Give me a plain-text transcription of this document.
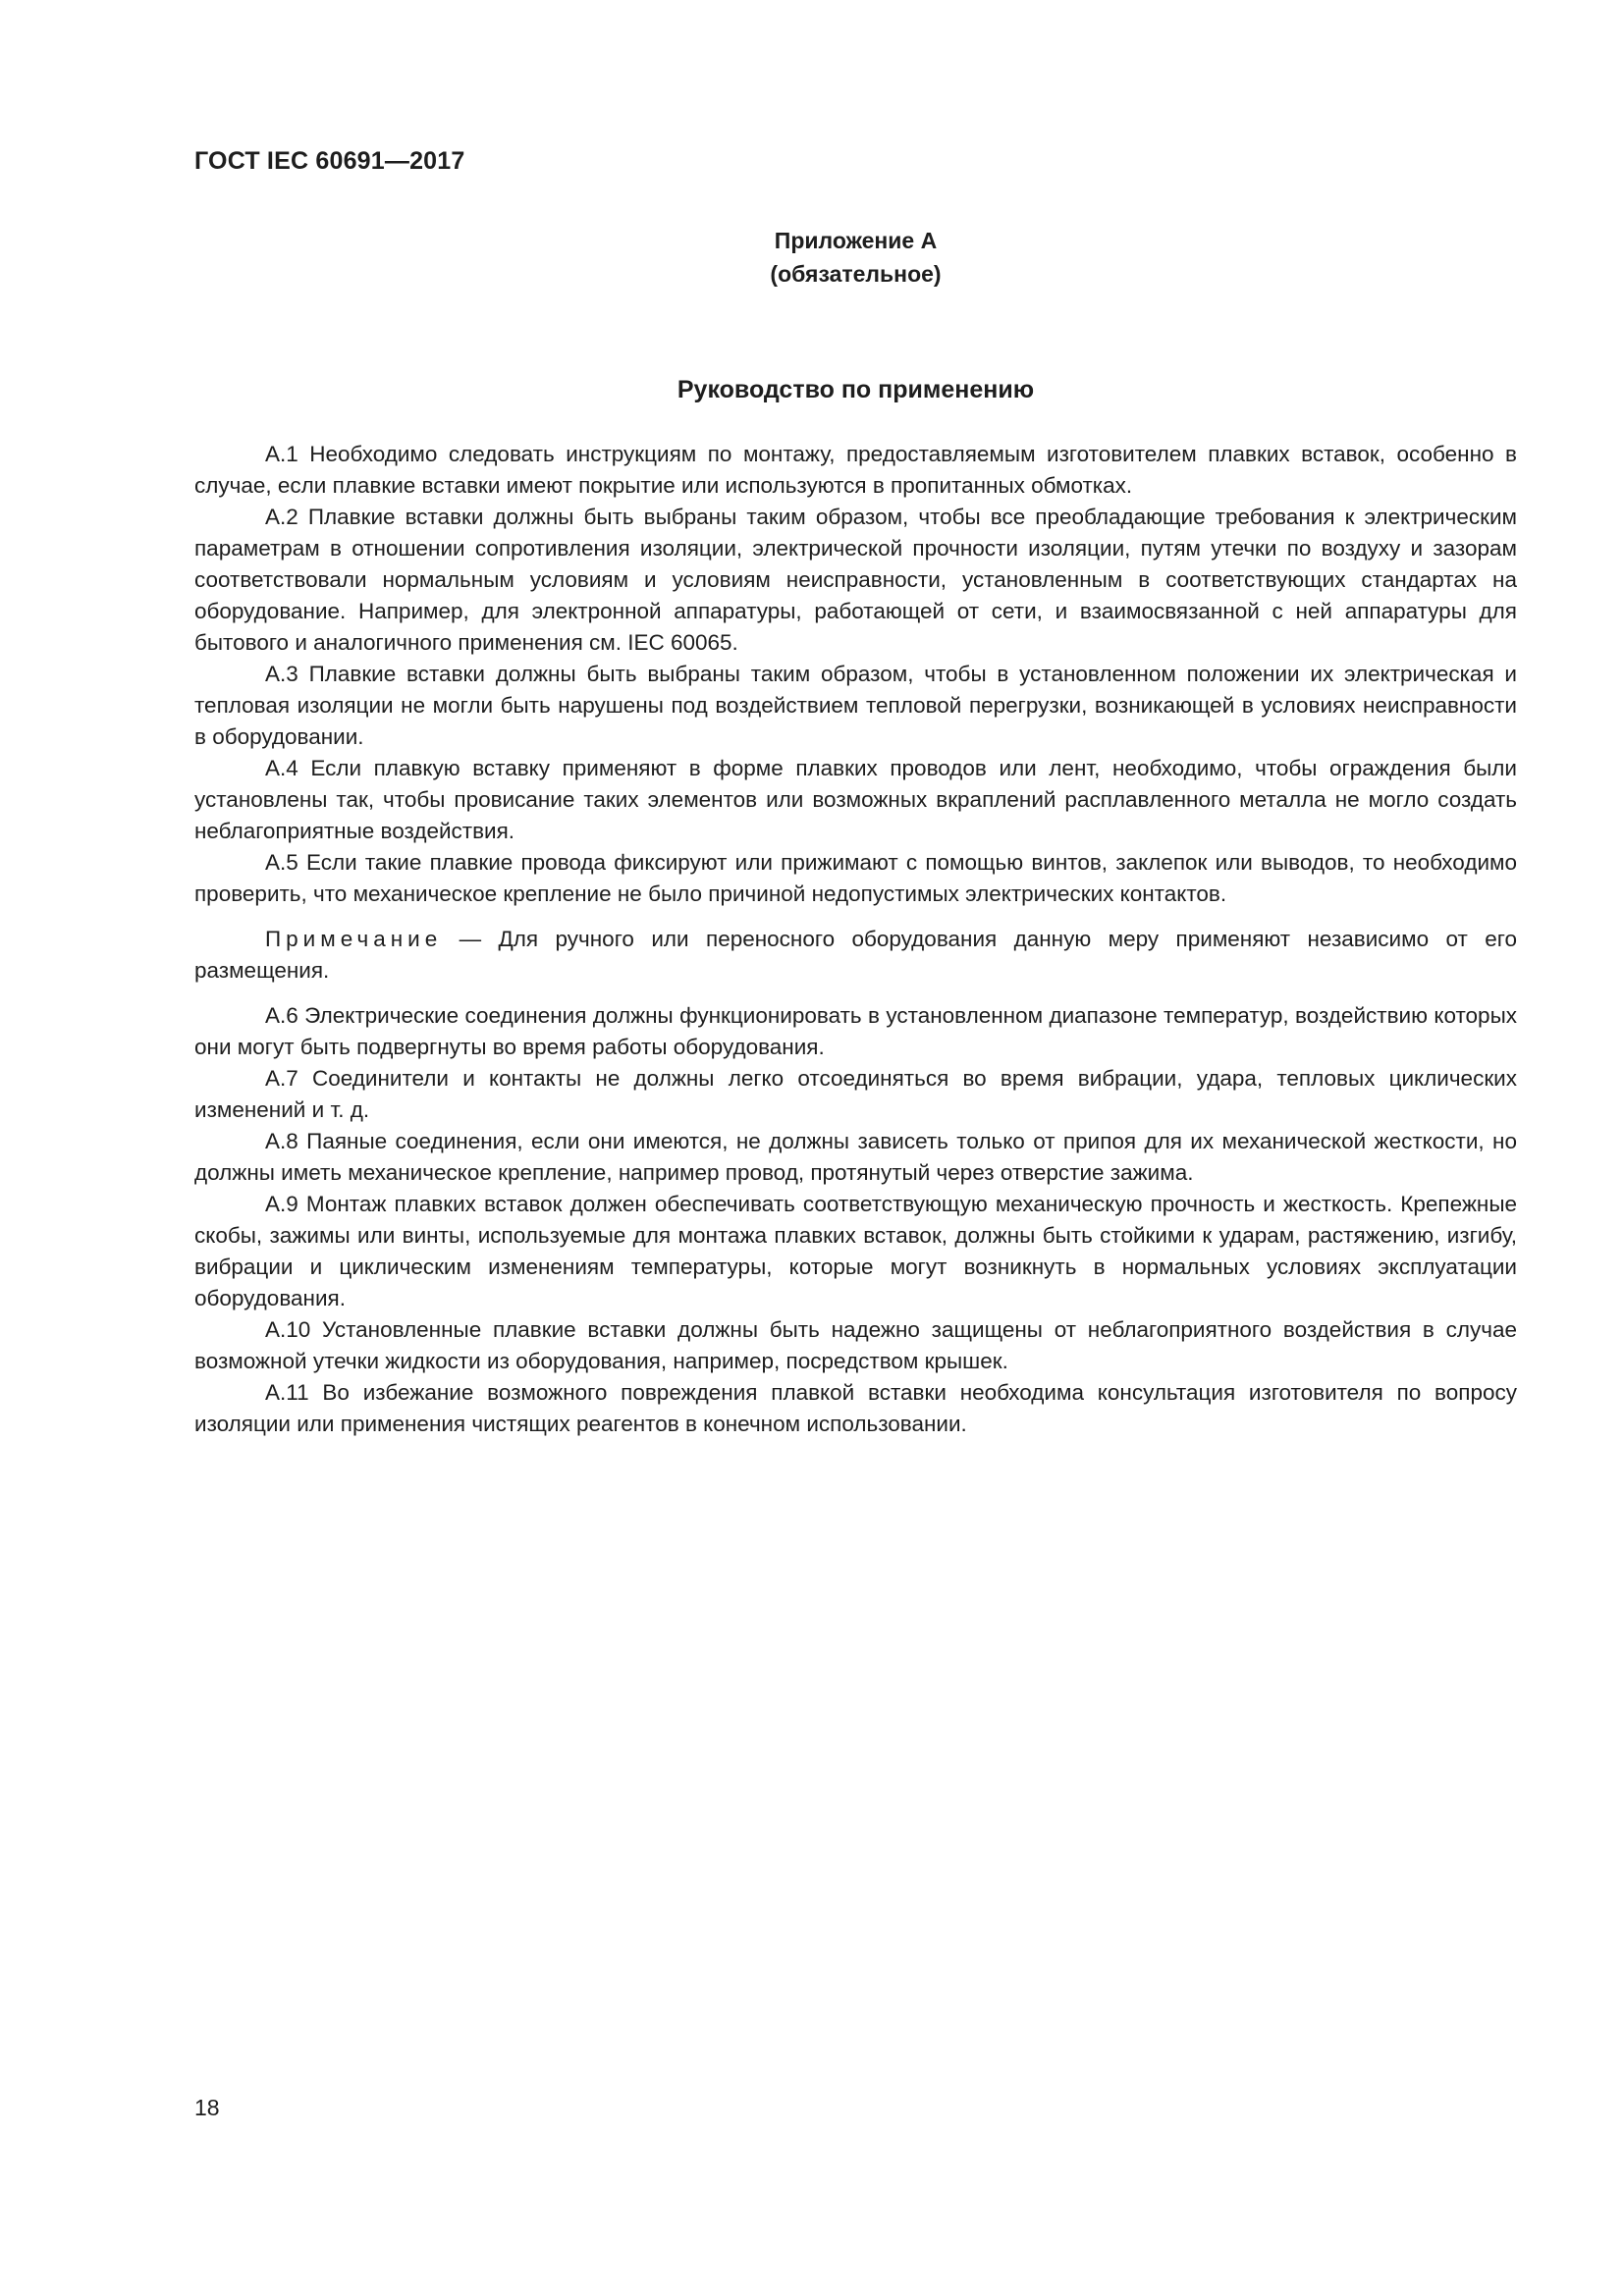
ГОСТ IEC 60691—2017
Приложение А
(обязательное)
Руководство по применению

А.1 Необходимо следовать инструкциям по монтажу, предоставляемым изготовителем плавких вставок, особенно в случае, если плавкие вставки имеют покрытие или используются в пропитанных обмотках.

А.2 Плавкие вставки должны быть выбраны таким образом, чтобы все преобладающие требования к электрическим параметрам в отношении сопротивления изоляции, электрической прочности изоляции, путям утечки по воздуху и зазорам соответствовали нормальным условиям и условиям неисправности, установленным в соответствующих стандартах на оборудование. Например, для электронной аппаратуры, работающей от сети, и взаимосвязанной с ней аппаратуры для бытового и аналогичного применения см. IEC 60065.

А.3 Плавкие вставки должны быть выбраны таким образом, чтобы в установленном положении их электрическая и тепловая изоляции не могли быть нарушены под воздействием тепловой перегрузки, возникающей в условиях неисправности в оборудовании.

А.4 Если плавкую вставку применяют в форме плавких проводов или лент, необходимо, чтобы ограждения были установлены так, чтобы провисание таких элементов или возможных вкраплений расплавленного металла не могло создать неблагоприятные воздействия.

А.5 Если такие плавкие провода фиксируют или прижимают с помощью винтов, заклепок или выводов, то необходимо проверить, что механическое крепление не было причиной недопустимых электрических контактов.

Примечание — Для ручного или переносного оборудования данную меру применяют независимо от его размещения.

А.6 Электрические соединения должны функционировать в установленном диапазоне температур, воздействию которых они могут быть подвергнуты во время работы оборудования.

А.7 Соединители и контакты не должны легко отсоединяться во время вибрации, удара, тепловых циклических изменений и т. д.

А.8 Паяные соединения, если они имеются, не должны зависеть только от припоя для их механической жесткости, но должны иметь механическое крепление, например провод, протянутый через отверстие зажима.

А.9 Монтаж плавких вставок должен обеспечивать соответствующую механическую прочность и жесткость. Крепежные скобы, зажимы или винты, используемые для монтажа плавких вставок, должны быть стойкими к ударам, растяжению, изгибу, вибрации и циклическим изменениям температуры, которые могут возникнуть в нормальных условиях эксплуатации оборудования.

А.10 Установленные плавкие вставки должны быть надежно защищены от неблагоприятного воздействия в случае возможной утечки жидкости из оборудования, например, посредством крышек.

А.11 Во избежание возможного повреждения плавкой вставки необходима консультация изготовителя по вопросу изоляции или применения чистящих реагентов в конечном использовании.

18
